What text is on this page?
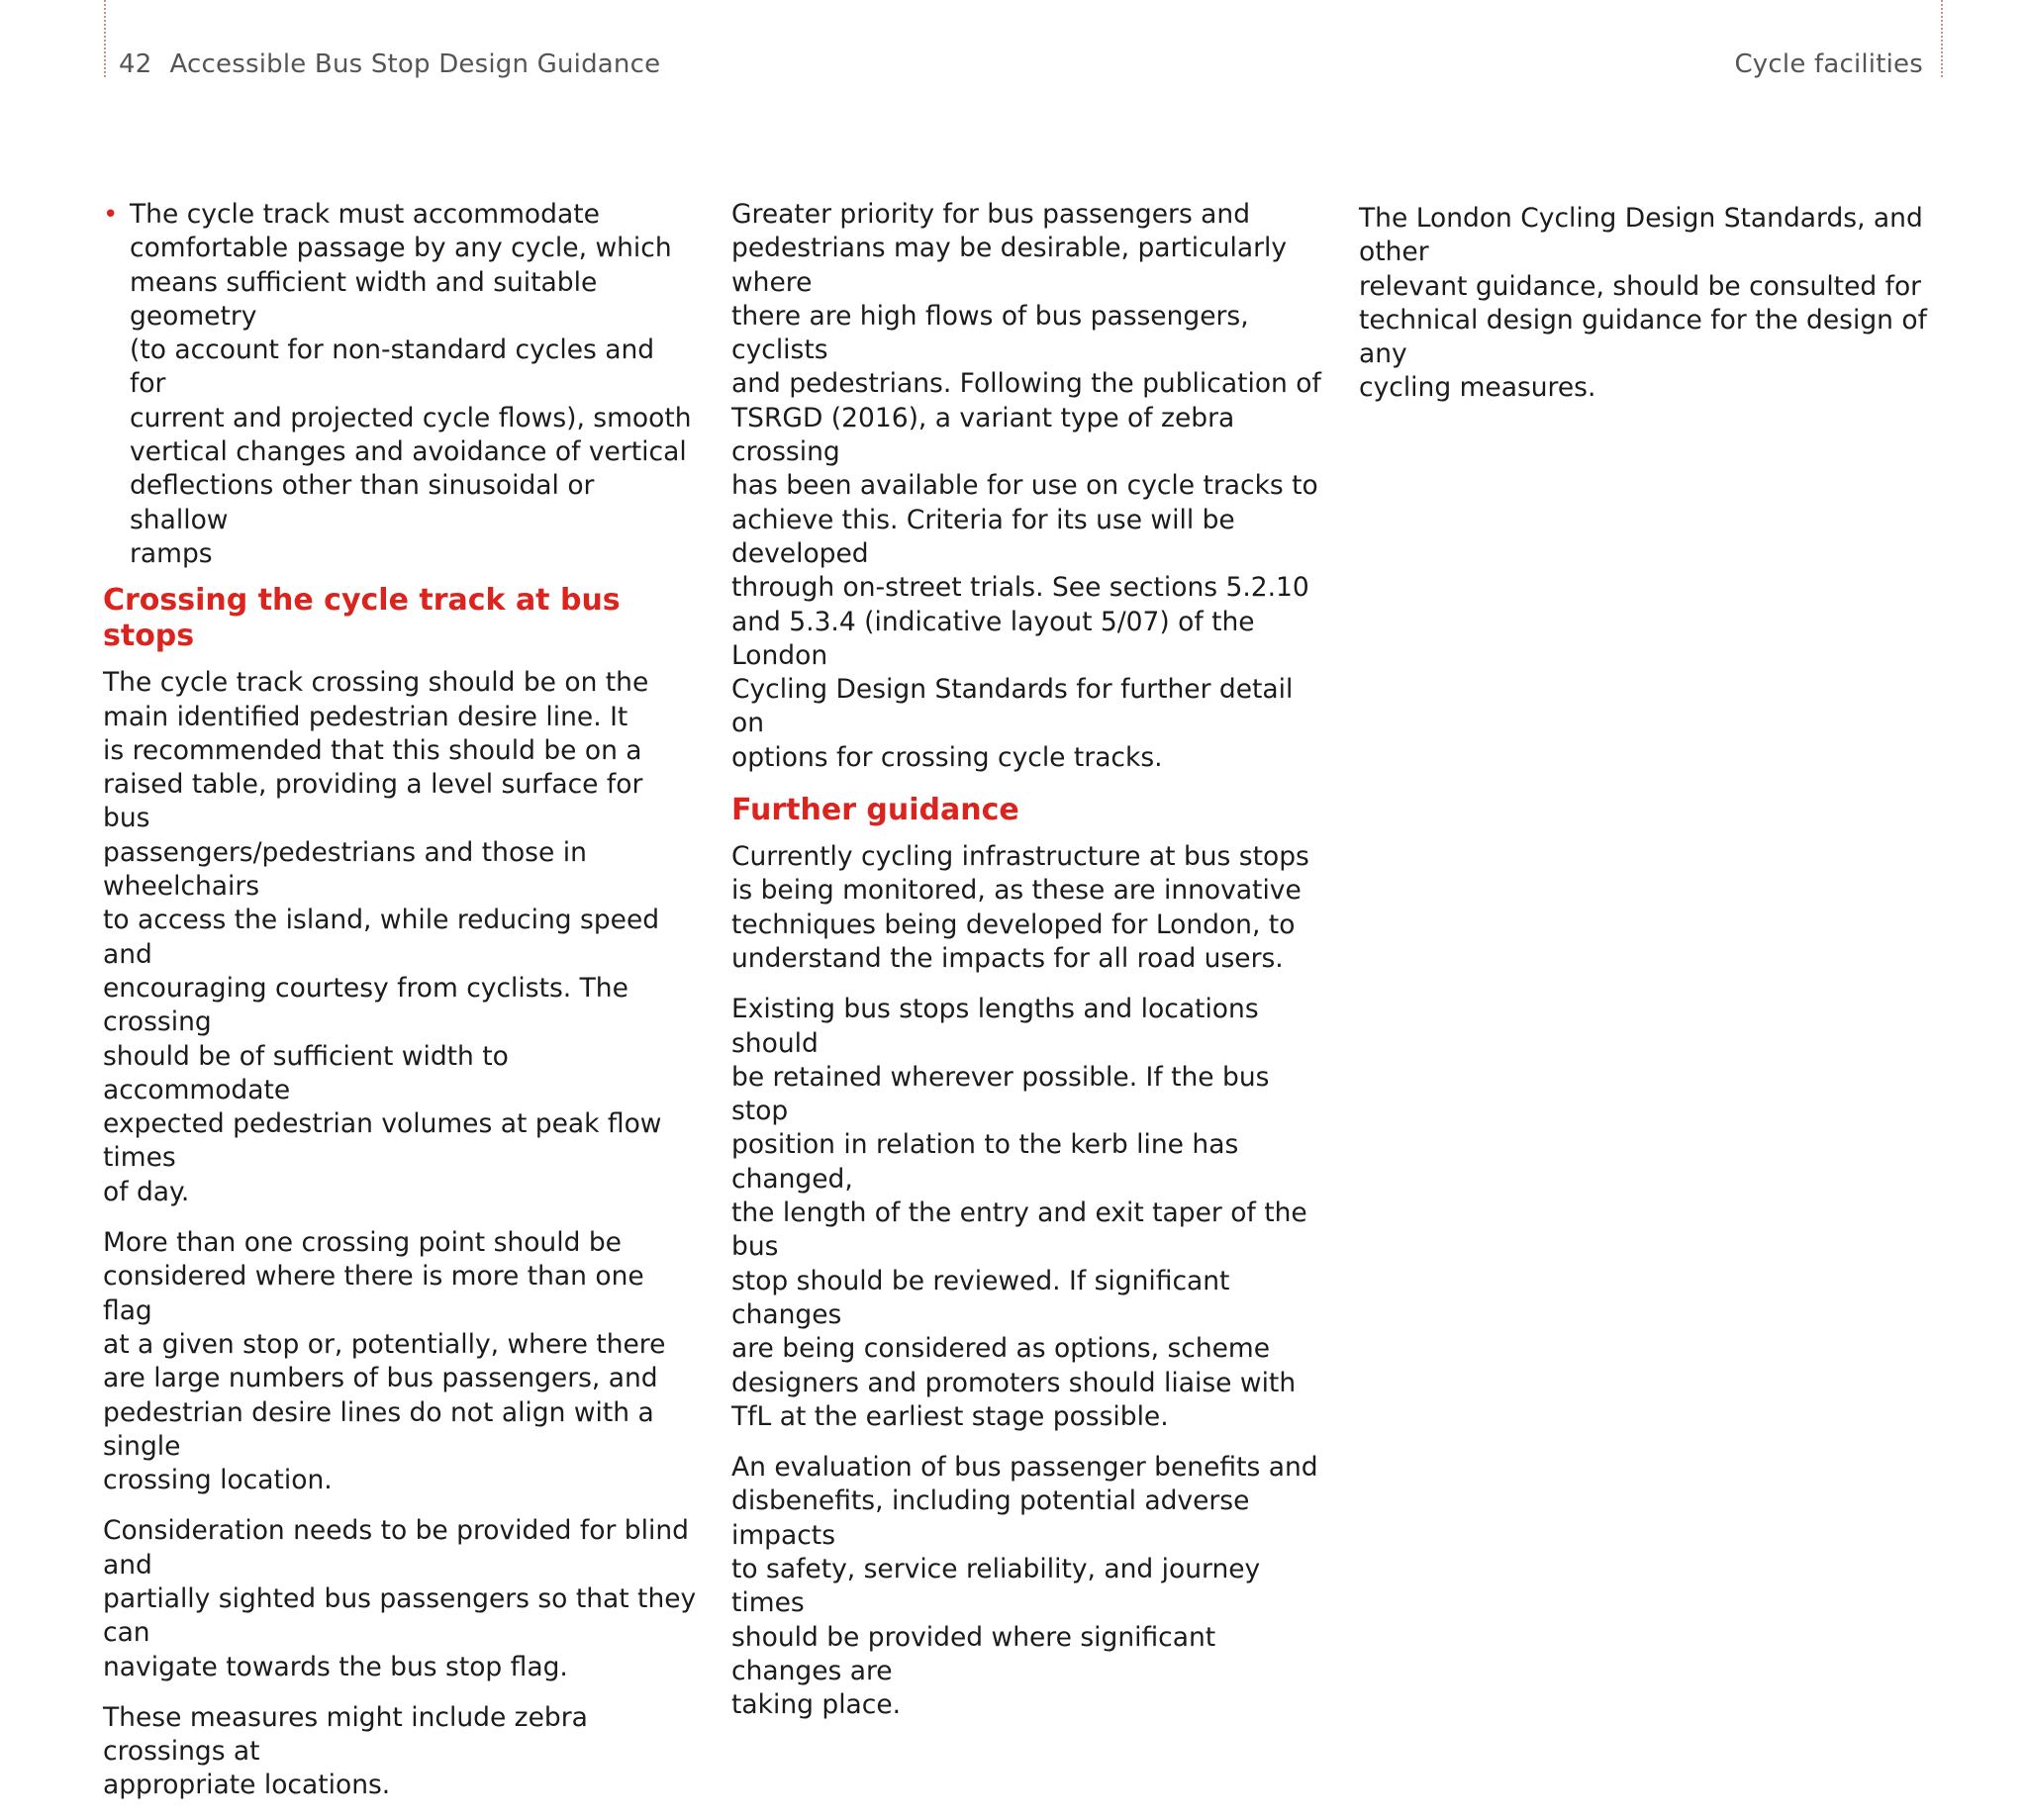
42 Accessible Bus Stop Design Guidance	Cycle facilities
• The cycle track must accommodate
comfortable passage by any cycle, which
means sufficient width and suitable geometry
(to account for non-standard cycles and for
current and projected cycle flows), smooth
vertical changes and avoidance of vertical
deflections other than sinusoidal or shallow
ramps
Crossing the cycle track at bus stops

The cycle track crossing should be on the
main identified pedestrian desire line. It
is recommended that this should be on a
raised table, providing a level surface for bus
passengers/pedestrians and those in wheelchairs
to access the island, while reducing speed and
encouraging courtesy from cyclists. The crossing
should be of sufficient width to accommodate
expected pedestrian volumes at peak flow times
of day.

More than one crossing point should be
considered where there is more than one flag
at a given stop or, potentially, where there
are large numbers of bus passengers, and
pedestrian desire lines do not align with a single
crossing location.

Consideration needs to be provided for blind and
partially sighted bus passengers so that they can
navigate towards the bus stop flag.

These measures might include zebra crossings at
appropriate locations.

Greater priority for bus passengers and
pedestrians may be desirable, particularly where
there are high flows of bus passengers, cyclists
and pedestrians. Following the publication of
TSRGD (2016), a variant type of zebra crossing
has been available for use on cycle tracks to
achieve this. Criteria for its use will be developed
through on-street trials. See sections 5.2.10
and 5.3.4 (indicative layout 5/07) of the London
Cycling Design Standards for further detail on
options for crossing cycle tracks.

Further guidance

Currently cycling infrastructure at bus stops
is being monitored, as these are innovative
techniques being developed for London, to
understand the impacts for all road users.

Existing bus stops lengths and locations should
be retained wherever possible. If the bus stop
position in relation to the kerb line has changed,
the length of the entry and exit taper of the bus
stop should be reviewed. If significant changes
are being considered as options, scheme
designers and promoters should liaise with
TfL at the earliest stage possible.

An evaluation of bus passenger benefits and
disbenefits, including potential adverse impacts
to safety, service reliability, and journey times
should be provided where significant changes are
taking place.

The London Cycling Design Standards, and other
relevant guidance, should be consulted for
technical design guidance for the design of any
cycling measures.
